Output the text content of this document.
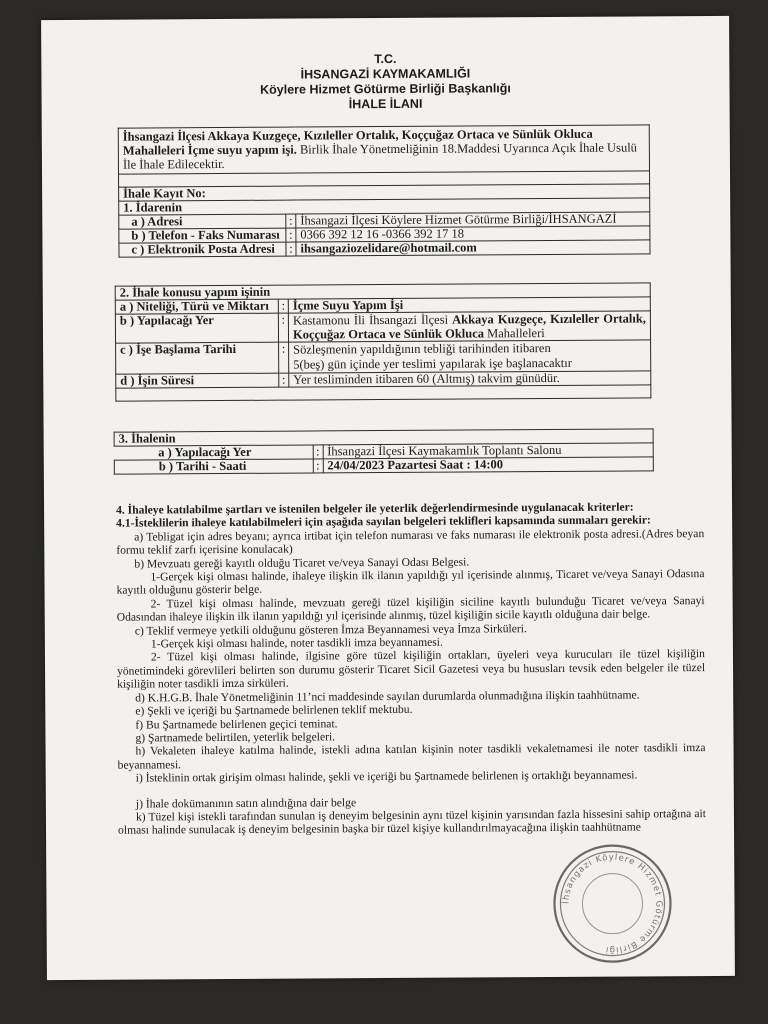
T.C.
İHSANGAZİ KAYMAKAMLIĞI
Köylere Hizmet Götürme Birliği Başkanlığı
İHALE İLANI
İhsangazi İlçesi Akkaya Kuzgeçe, Kızılеller Ortalık, Koççuğaz Ortaca ve Sünlük Okluca Mahalleleri İçme suyu yapım işi. Birlik İhale Yönetmeliğinin 18.Maddesi Uyarınca Açık İhale Usulü İle İhale Edilecektir.		

İhale Kayıt No:		
1. İdarenin		
a ) Adresi	:	İhsangazi İlçesi Köylere Hizmet Götürme Birliği/İHSANGAZİ
b ) Telefon - Faks Numarası	:	0366 392 12 16 -0366 392 17 18
c ) Elektronik Posta Adresi	:	ihsangaziozelidare@hotmail.com
2. İhale konusu yapım işinin		
a ) Niteliği, Türü ve Miktarı	:	İçme Suyu Yapım İşi
b ) Yapılacağı Yer	:	Kastamonu İli İhsangazi İlçesi Akkaya Kuzgeçe, Kızılеller Ortalık, Koççuğaz Ortaca ve Sünlük Okluca Mahalleleri
c ) İşe Başlama Tarihi	:	Sözleşmenin yapıldığının tebliği tarihinden itibaren
5(beş) gün içinde yer teslimi yapılarak işe başlanacaktır

d ) İşin Süresi	:	Yer tesliminden itibaren 60 (Altmış) takvim günüdür.

3. İhalenin		
a ) Yapılacağı Yer	:	İhsangazi İlçesi Kaymakamlık Toplantı Salonu
b ) Tarihi - Saati	:	24/04/2023 Pazartesi Saat : 14:00

4. İhaleye katılabilme şartları ve istenilen belgeler ile yeterlik değerlendirmesinde uygulanacak kriterler:

4.1-İsteklilerin ihaleye katılabilmeleri için aşağıda sayılan belgeleri teklifleri kapsamında sunmaları gerekir:

a) Tebligat için adres beyanı; ayrıca irtibat için telefon numarası ve faks numarası ile elektronik posta adresi.(Adres beyan formu teklif zarfı içerisine konulacak)

b) Mevzuatı gereği kayıtlı olduğu Ticaret ve/veya Sanayi Odası Belgesi.

1-Gerçek kişi olması halinde, ihaleye ilişkin ilk ilanın yapıldığı yıl içerisinde alınmış, Ticaret ve/veya Sanayi Odasına kayıtlı olduğunu gösterir belge.

2- Tüzel kişi olması halinde, mevzuatı gereği tüzel kişiliğin siciline kayıtlı bulunduğu Ticaret ve/veya Sanayi Odasından ihaleye ilişkin ilk ilanın yapıldığı yıl içerisinde alınmış, tüzel kişiliğin sicile kayıtlı olduğuna dair belge.

c) Teklif vermeye yetkili olduğunu gösteren İmza Beyannamesi veya İmza Sirküleri.

1-Gerçek kişi olması halinde, noter tasdikli imza beyannamesi.

2- Tüzel kişi olması halinde, ilgisine göre tüzel kişiliğin ortakları, üyeleri veya kurucuları ile tüzel kişiliğin yönetimindeki görevlileri belirten son durumu gösterir Ticaret Sicil Gazetesi veya bu hususları tevsik eden belgeler ile tüzel kişiliğin noter tasdikli imza sirküleri.

d) K.H.G.B. İhale Yönetmeliğinin 11’nci maddesinde sayılan durumlarda olunmadığına ilişkin taahhütname.

e) Şekli ve içeriği bu Şartnamede belirlenen teklif mektubu.

f) Bu Şartnamede belirlenen geçici teminat.

g) Şartnamede belirtilen, yeterlik belgeleri.

h) Vekaleten ihaleye katılma halinde, istekli adına katılan kişinin noter tasdikli vekaletnamesi ile noter tasdikli imza beyannamesi.

i) İsteklinin ortak girişim olması halinde, şekli ve içeriği bu Şartnamede belirlenen iş ortaklığı beyannamesi.

j) İhale dokümanının satın alındığına dair belge

k) Tüzel kişi istekli tarafından sunulan iş deneyim belgesinin aynı tüzel kişinin yarısından fazla hissesini sahip ortağına ait olması halinde sunulacak iş deneyim belgesinin başka bir tüzel kişiye kullandırılmayacağına ilişkin taahhütname

İhsangazi Köylere Hizmet Götürme Birliği
